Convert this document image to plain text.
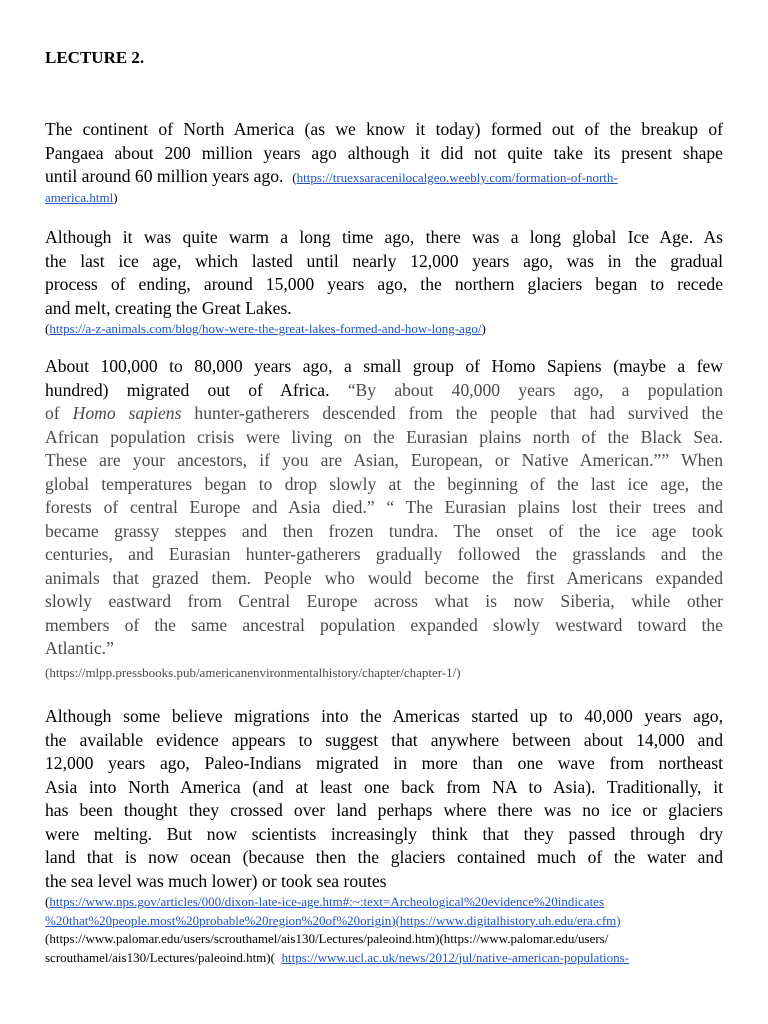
LECTURE 2.
The continent of North America (as we know it today) formed out of the breakup of
Pangaea about 200 million years ago although it did not quite take its present shape
until around 60 million years ago. (https://truexsaracenilocalgeo.weebly.com/formation-of-north-
america.html)
Although it was quite warm a long time ago, there was a long global Ice Age. As
the last ice age, which lasted until nearly 12,000 years ago, was in the gradual
process of ending, around 15,000 years ago, the northern glaciers began to recede
and melt, creating the Great Lakes.
(https://a-z-animals.com/blog/how-were-the-great-lakes-formed-and-how-long-ago/)
About 100,000 to 80,000 years ago, a small group of Homo Sapiens (maybe a few
hundred) migrated out of Africa. “By about 40,000 years ago, a population
of Homo sapiens hunter-gatherers descended from the people that had survived the
African population crisis were living on the Eurasian plains north of the Black Sea.
These are your ancestors, if you are Asian, European, or Native American.”” When
global temperatures began to drop slowly at the beginning of the last ice age, the
forests of central Europe and Asia died.” “ The Eurasian plains lost their trees and
became grassy steppes and then frozen tundra. The onset of the ice age took
centuries, and Eurasian hunter-gatherers gradually followed the grasslands and the
animals that grazed them. People who would become the first Americans expanded
slowly eastward from Central Europe across what is now Siberia, while other
members of the same ancestral population expanded slowly westward toward the
Atlantic.”
(https://mlpp.pressbooks.pub/americanenvironmentalhistory/chapter/chapter-1/)
Although some believe migrations into the Americas started up to 40,000 years ago,
the available evidence appears to suggest that anywhere between about 14,000 and
12,000 years ago, Paleo-Indians migrated in more than one wave from northeast
Asia into North America (and at least one back from NA to Asia). Traditionally, it
has been thought they crossed over land perhaps where there was no ice or glaciers
were melting. But now scientists increasingly think that they passed through dry
land that is now ocean (because then the glaciers contained much of the water and
the sea level was much lower) or took sea routes
(https://www.nps.gov/articles/000/dixon-late-ice-age.htm#:~:text=Archeological%20evidence%20indicates
%20that%20people.most%20probable%20region%20of%20origin)(https://www.digitalhistory.uh.edu/era.cfm)
(https://www.palomar.edu/users/scrouthamel/ais130/Lectures/paleoind.htm)(https://www.palomar.edu/users/
scrouthamel/ais130/Lectures/paleoind.htm)( https://www.ucl.ac.uk/news/2012/jul/native-american-populations-
